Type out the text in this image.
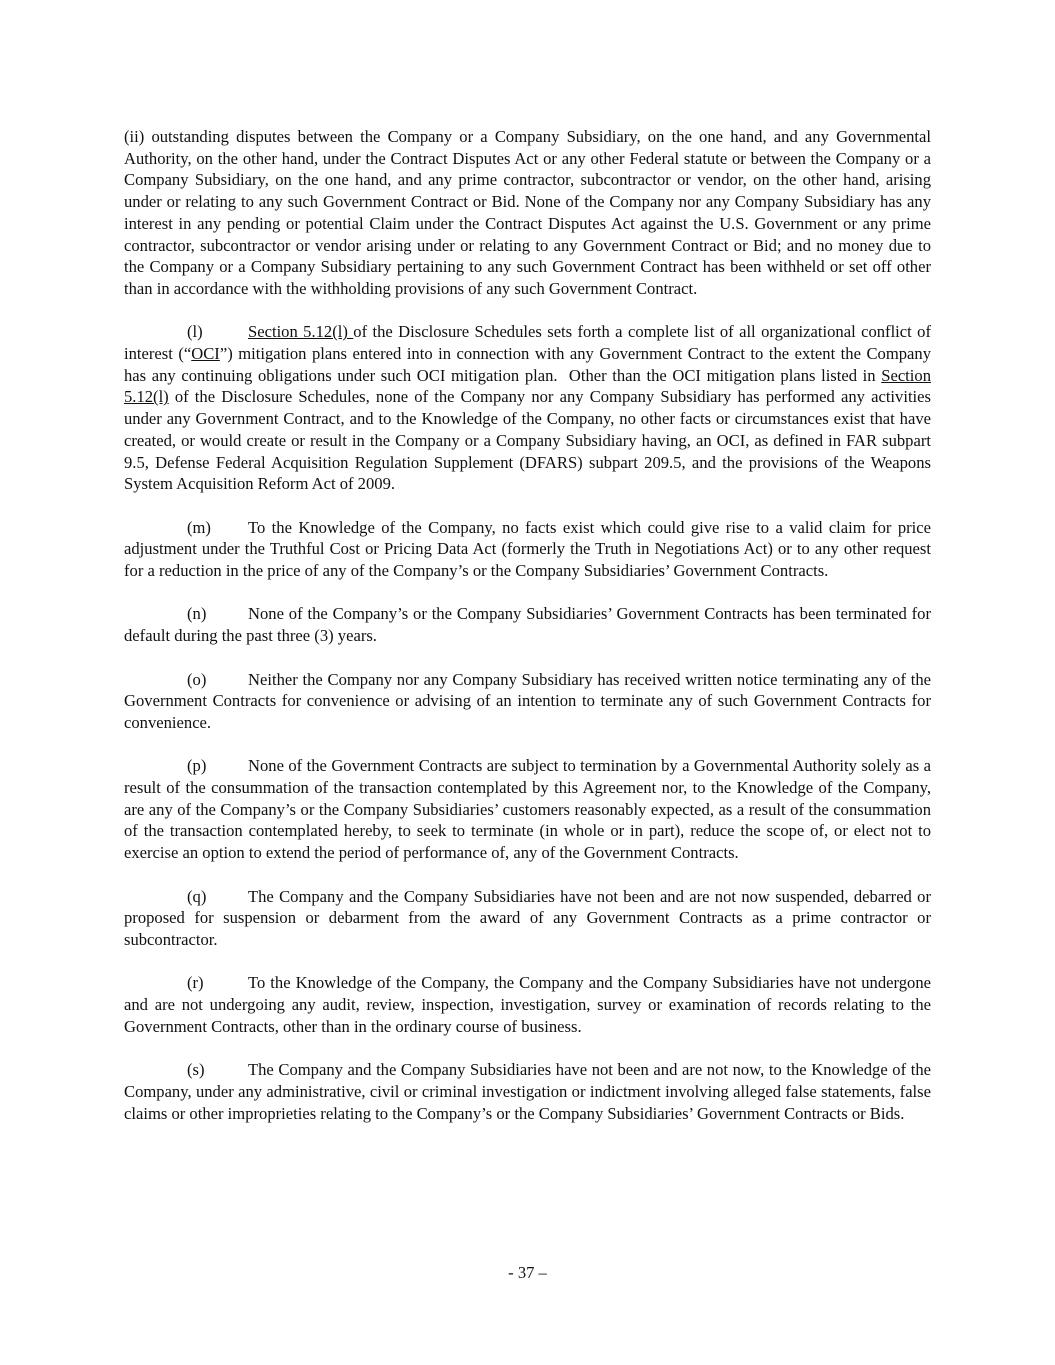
(ii) outstanding disputes between the Company or a Company Subsidiary, on the one hand, and any Governmental Authority, on the other hand, under the Contract Disputes Act or any other Federal statute or between the Company or a Company Subsidiary, on the one hand, and any prime contractor, subcontractor or vendor, on the other hand, arising under or relating to any such Government Contract or Bid. None of the Company nor any Company Subsidiary has any interest in any pending or potential Claim under the Contract Disputes Act against the U.S. Government or any prime contractor, subcontractor or vendor arising under or relating to any Government Contract or Bid; and no money due to the Company or a Company Subsidiary pertaining to any such Government Contract has been withheld or set off other than in accordance with the withholding provisions of any such Government Contract.

(l)	Section 5.12(l) of the Disclosure Schedules sets forth a complete list of all organizational conflict of interest (“OCI”) mitigation plans entered into in connection with any Government Contract to the extent the Company has any continuing obligations under such OCI mitigation plan.  Other than the OCI mitigation plans listed in Section 5.12(l) of the Disclosure Schedules, none of the Company nor any Company Subsidiary has performed any activities under any Government Contract, and to the Knowledge of the Company, no other facts or circumstances exist that have created, or would create or result in the Company or a Company Subsidiary having, an OCI, as defined in FAR subpart 9.5, Defense Federal Acquisition Regulation Supplement (DFARS) subpart 209.5, and the provisions of the Weapons System Acquisition Reform Act of 2009.

(m) To the Knowledge of the Company, no facts exist which could give rise to a valid claim for price adjustment under the Truthful Cost or Pricing Data Act (formerly the Truth in Negotiations Act) or to any other request for a reduction in the price of any of the Company’s or the Company Subsidiaries’ Government Contracts.

(n)	None of the Company’s or the Company Subsidiaries’ Government Contracts has been terminated for default during the past three (3) years.

(o)	Neither the Company nor any Company Subsidiary has received written notice terminating any of the Government Contracts for convenience or advising of an intention to terminate any of such Government Contracts for convenience.

(p)	None of the Government Contracts are subject to termination by a Governmental Authority solely as a result of the consummation of the transaction contemplated by this Agreement nor, to the Knowledge of the Company, are any of the Company’s or the Company Subsidiaries’ customers reasonably expected, as a result of the consummation of the transaction contemplated hereby, to seek to terminate (in whole or in part), reduce the scope of, or elect not to exercise an option to extend the period of performance of, any of the Government Contracts.

(q)	The Company and the Company Subsidiaries have not been and are not now suspended, debarred or proposed for suspension or debarment from the award of any Government Contracts as a prime contractor or subcontractor.

(r)	To the Knowledge of the Company, the Company and the Company Subsidiaries have not undergone and are not undergoing any audit, review, inspection, investigation, survey or examination of records relating to the Government Contracts, other than in the ordinary course of business.

(s)	The Company and the Company Subsidiaries have not been and are not now, to the Knowledge of the Company, under any administrative, civil or criminal investigation or indictment involving alleged false statements, false claims or other improprieties relating to the Company’s or the Company Subsidiaries’ Government Contracts or Bids.

- 37 –
